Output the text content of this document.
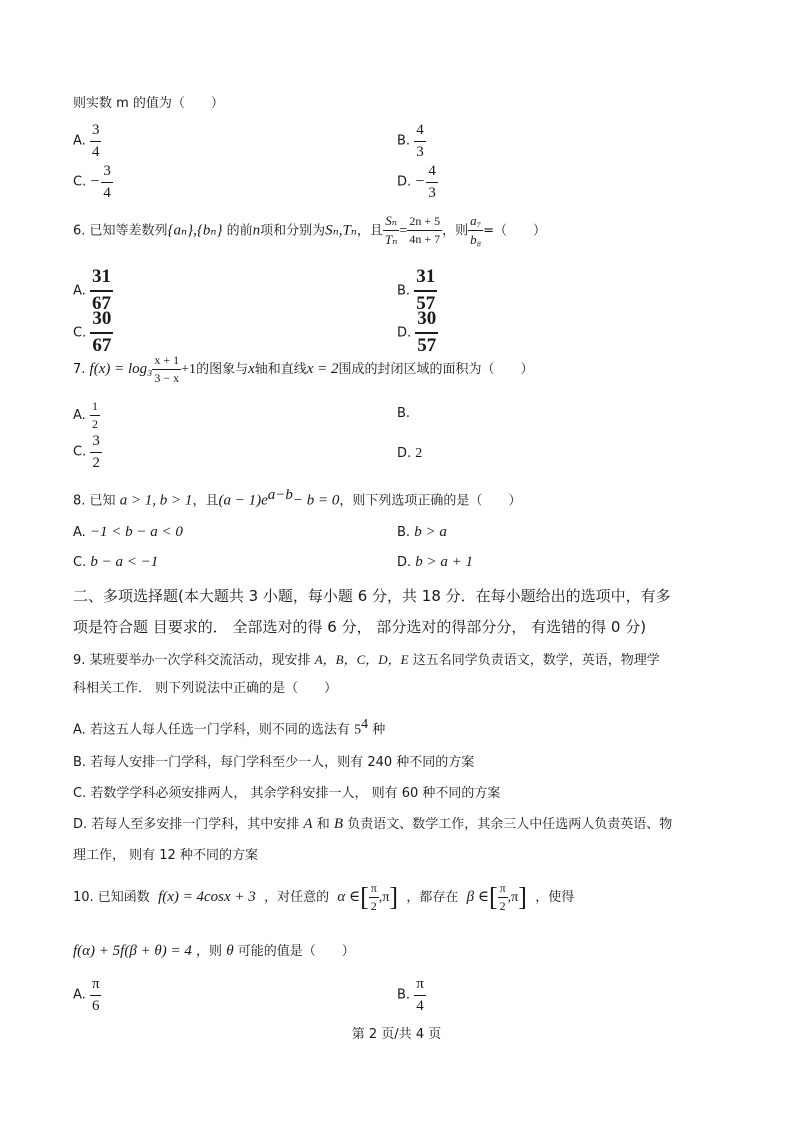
则实数 m 的值为（　　）
A. $\frac{3}{4}$	B. $\frac{4}{3}$
C. − $\frac{3}{4}$	D. − $\frac{4}{3}$
6. 已知等差数列{aₙ},{bₙ} 的前n项和分别为Sₙ,Tₙ，且 $\frac{\text{Sₙ}}{\text{Tₙ}} = \frac{2n + 5}{4n + 7}$ ，则 $\frac{\text{a₇}}{\text{b₈}}$ =（　　）
A. $\frac{31}{67}$	B. $\frac{31}{57}$
C. $\frac{30}{67}$	D. $\frac{30}{57}$
7. $f(x) = \log_3 \frac{x + 1}{3 - x} +1$的图象与x轴和直线x = 2围成的封闭区域的面积为（　　）
A. $\frac{1}{2}$	B.
C. $\frac{3}{2}$	D. 2
8. 已知 a > 1, b > 1，且$(a - 1)e^{a-b}- b = 0$，则下列选项正确的是（　　）
A. −1 < b − a < 0	B. b > a
C. b − a < −1	D. b > a + 1
二、多项选择题(本大题共 3 小题，每小题 6 分，共 18 分．在每小题给出的选项中，有多
项是符合题 目要求的． 全部选对的得 6 分， 部分选对的得部分分， 有选错的得 0 分)
9. 某班要举办一次学科交流活动，现安排 A，B，C，D，E 这五名同学负责语文，数学，英语，物理学
科相关工作． 则下列说法中正确的是（　　）
A. 若这五人每人任选一门学科，则不同的选法有 $5^4$ 种
B. 若每人安排一门学科，每门学科至少一人，则有 240 种不同的方案
C. 若数学学科必须安排两人， 其余学科安排一人， 则有 60 种不同的方案
D. 若每人至多安排一门学科，其中安排 A 和 B 负责语文、数学工作，其余三人中任选两人负责英语、物
理工作， 则有 12 种不同的方案
10. 已知函数 f(x) = 4cosx + 3 ，对任意的 α ∈[ $\frac{\pi}{2} ,\pi$] ，都存在 β ∈[ $\frac{\pi}{2} ,\pi$] ，使得
f(α) + 5f(β + θ) = 4 ，则 θ 可能的值是（　　）
A. $\frac{\pi}{6}$	B. $\frac{\pi}{4}$
第 2 页/共 4 页
